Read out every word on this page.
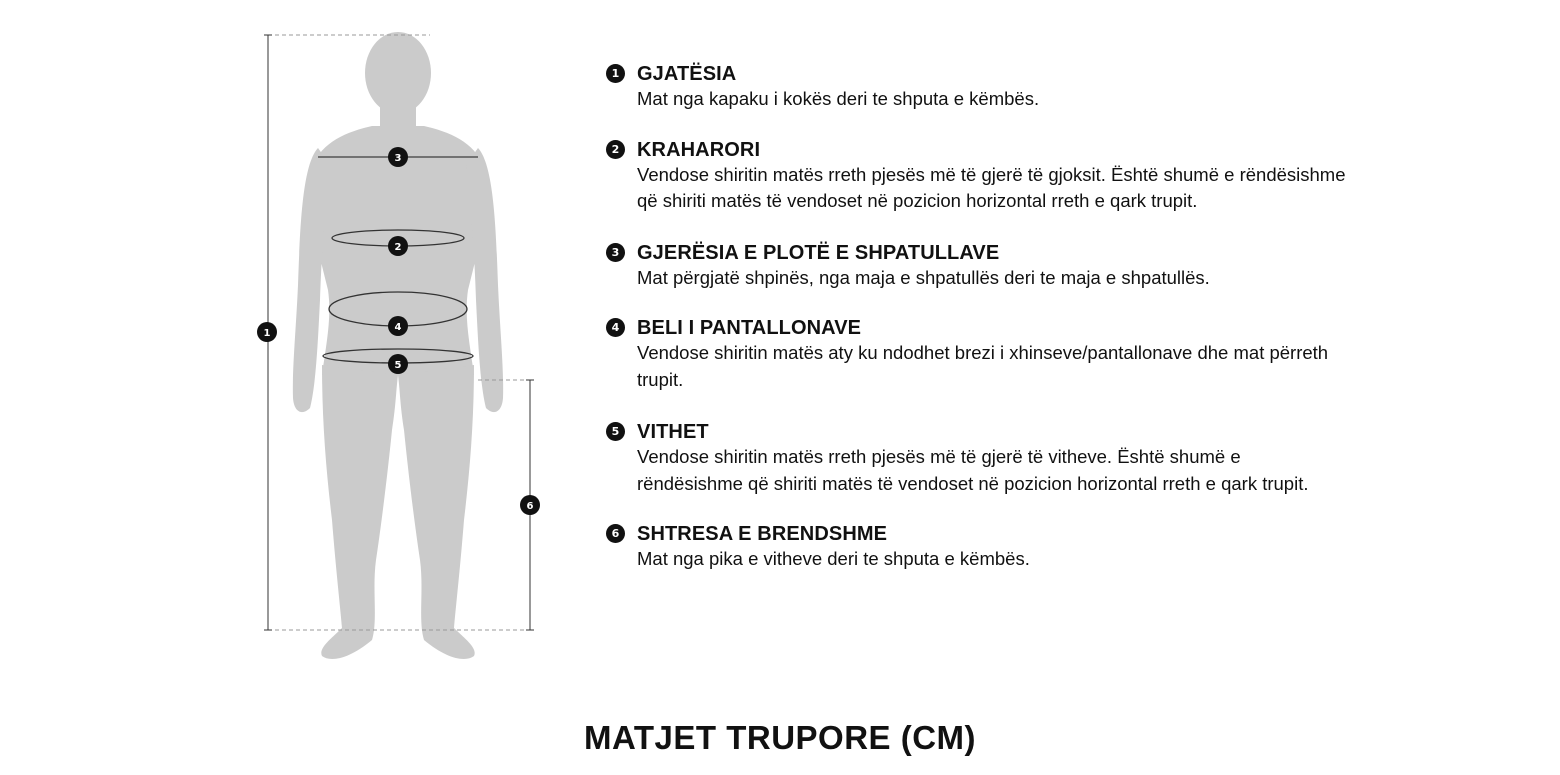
1
2
3
4
5
6
1 GJATËSIA
Mat nga kapaku i kokës deri te shputa e këmbës.
2 KRAHARORI
Vendose shiritin matës rreth pjesës më të gjerë të gjoksit. Është shumë e rëndësishme që shiriti matës të vendoset në pozicion horizontal rreth e qark trupit.
3 GJERËSIA E PLOTË E SHPATULLAVE
Mat përgjatë shpinës, nga maja e shpatullës deri te maja e shpatullës.
4 BELI I PANTALLONAVE
Vendose shiritin matës aty ku ndodhet brezi i xhinseve/pantallonave dhe mat përreth trupit.
5 VITHET
Vendose shiritin matës rreth pjesës më të gjerë të vitheve. Është shumë e rëndësishme që shiriti matës të vendoset në pozicion horizontal rreth e qark trupit.
6 SHTRESA E BRENDSHME
Mat nga pika e vitheve deri te shputa e këmbës.
MATJET TRUPORE (CM)
